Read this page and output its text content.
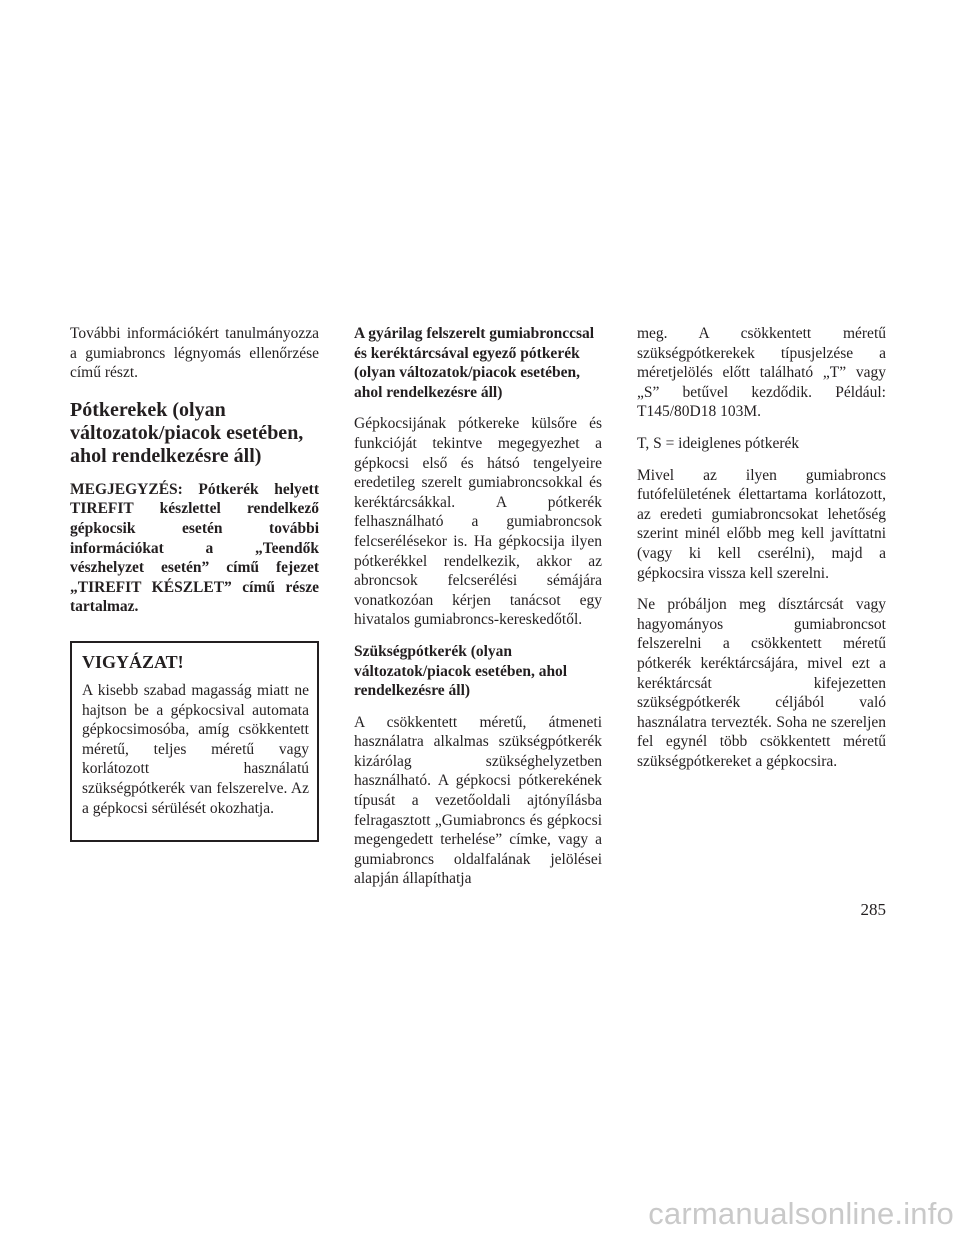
További információkért tanulmányozza a gumiabroncs légnyomás ellenőrzése című részt.

Pótkerekek (olyan változatok/piacok esetében, ahol rendelkezésre áll)

MEGJEGYZÉS: Pótkerék helyett TIREFIT készlettel rendelkező gépkocsik esetén további információkat a „Teendők vészhelyzet esetén” című fejezet „TIREFIT KÉSZLET” című része tartalmaz.

VIGYÁZAT!

A kisebb szabad magasság miatt ne hajtson be a gépkocsival automata gépkocsimosóba, amíg csökkentett méretű, teljes méretű vagy korlátozott használatú szükségpótkerék van felszerelve. Az a gépkocsi sérülését okozhatja.

A gyárilag felszerelt gumiabronccsal és keréktárcsával egyező pótkerék (olyan változatok/piacok esetében, ahol rendelkezésre áll)

Gépkocsijának pótkereke külsőre és funkcióját tekintve megegyezhet a gépkocsi első és hátsó tengelyeire eredetileg szerelt gumiabroncsokkal és keréktárcsákkal. A pótkerék felhasználható a gumiabroncsok felcserélésekor is. Ha gépkocsija ilyen pótkerékkel rendelkezik, akkor az abroncsok felcserélési sémájára vonatkozóan kérjen tanácsot egy hivatalos gumiabroncs-kereskedőtől.

Szükségpótkerék (olyan változatok/piacok esetében, ahol rendelkezésre áll)

A csökkentett méretű, átmeneti használatra alkalmas szükségpótkerék kizárólag szükséghelyzetben használható. A gépkocsi pótkerekének típusát a vezetőoldali ajtónyílásba felragasztott „Gumiabroncs és gépkocsi megengedett terhelése” címke, vagy a gumiabroncs oldalfalának jelölései alapján állapíthatja

meg. A csökkentett méretű szükségpótkerekek típusjelzése a méretjelölés előtt található „T” vagy „S” betűvel kezdődik. Például: T145/80D18 103M.

T, S = ideiglenes pótkerék

Mivel az ilyen gumiabroncs futófelületének élettartama korlátozott, az eredeti gumiabroncsokat lehetőség szerint minél előbb meg kell javíttatni (vagy ki kell cserélni), majd a gépkocsira vissza kell szerelni.

Ne próbáljon meg dísztárcsát vagy hagyományos gumiabroncsot felszerelni a csökkentett méretű pótkerék keréktárcsájára, mivel ezt a keréktárcsát kifejezetten szükségpótkerék céljából való használatra tervezték. Soha ne szereljen fel egynél több csökkentett méretű szükségpótkereket a gépkocsira.

285
carmanualsonline.info
